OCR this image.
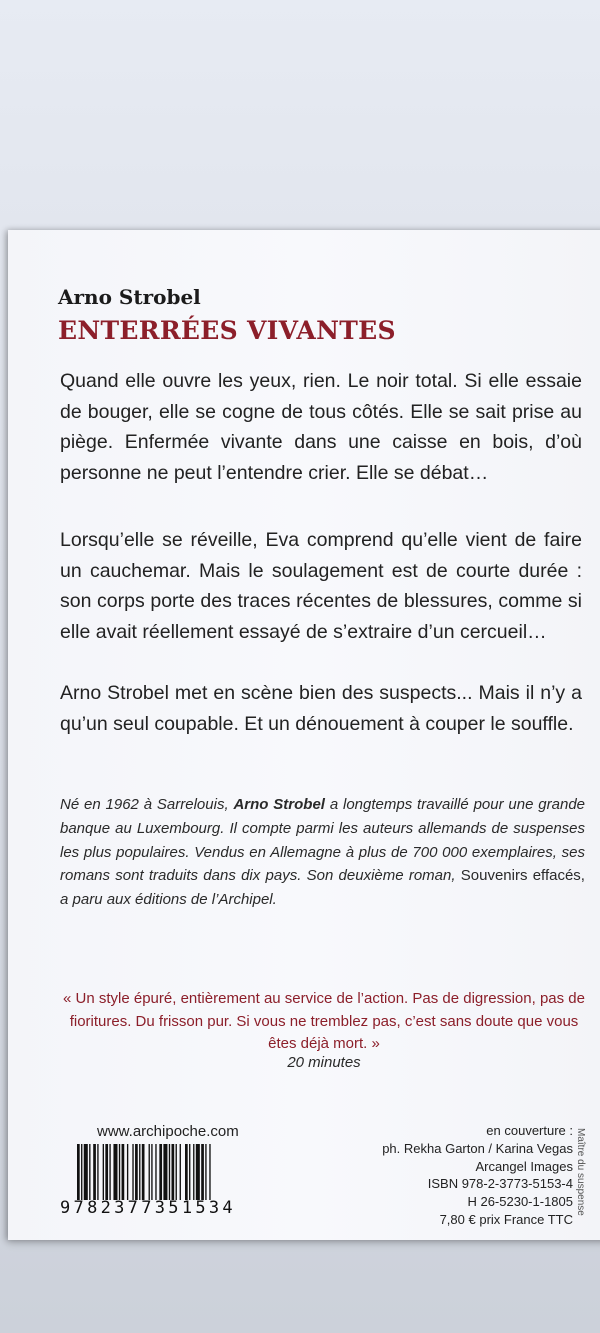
Arno Strobel
ENTERRÉES VIVANTES

Quand elle ouvre les yeux, rien. Le noir total. Si elle essaie de bouger, elle se cogne de tous côtés. Elle se sait prise au piège. Enfermée vivante dans une caisse en bois, d’où personne ne peut l’entendre crier. Elle se débat…

Lorsqu’elle se réveille, Eva comprend qu’elle vient de faire un cauchemar. Mais le soulagement est de courte durée : son corps porte des traces récentes de blessures, comme si elle avait réellement essayé de s’extraire d’un cercueil…

Arno Strobel met en scène bien des suspects... Mais il n’y a qu’un seul coupable. Et un dénouement à couper le souffle.

Né en 1962 à Sarrelouis, Arno Strobel a longtemps travaillé pour une grande banque au Luxembourg. Il compte parmi les auteurs allemands de suspenses les plus populaires. Vendus en Allemagne à plus de 700 000 exemplaires, ses romans sont traduits dans dix pays. Son deuxième roman, Souvenirs effacés, a paru aux éditions de l’Archipel.

« Un style épuré, entièrement au service de l’action. Pas de digression, pas de fioritures. Du frisson pur. Si vous ne tremblez pas, c’est sans doute que vous êtes déjà mort. »

20 minutes

www.archipoche.com

9782377351534

en couverture :
ph. Rekha Garton / Karina Vegas
Arcangel Images
ISBN 978-2-3773-5153-4
H 26-5230-1-1805
7,80 € prix France TTC

Maître du suspense
